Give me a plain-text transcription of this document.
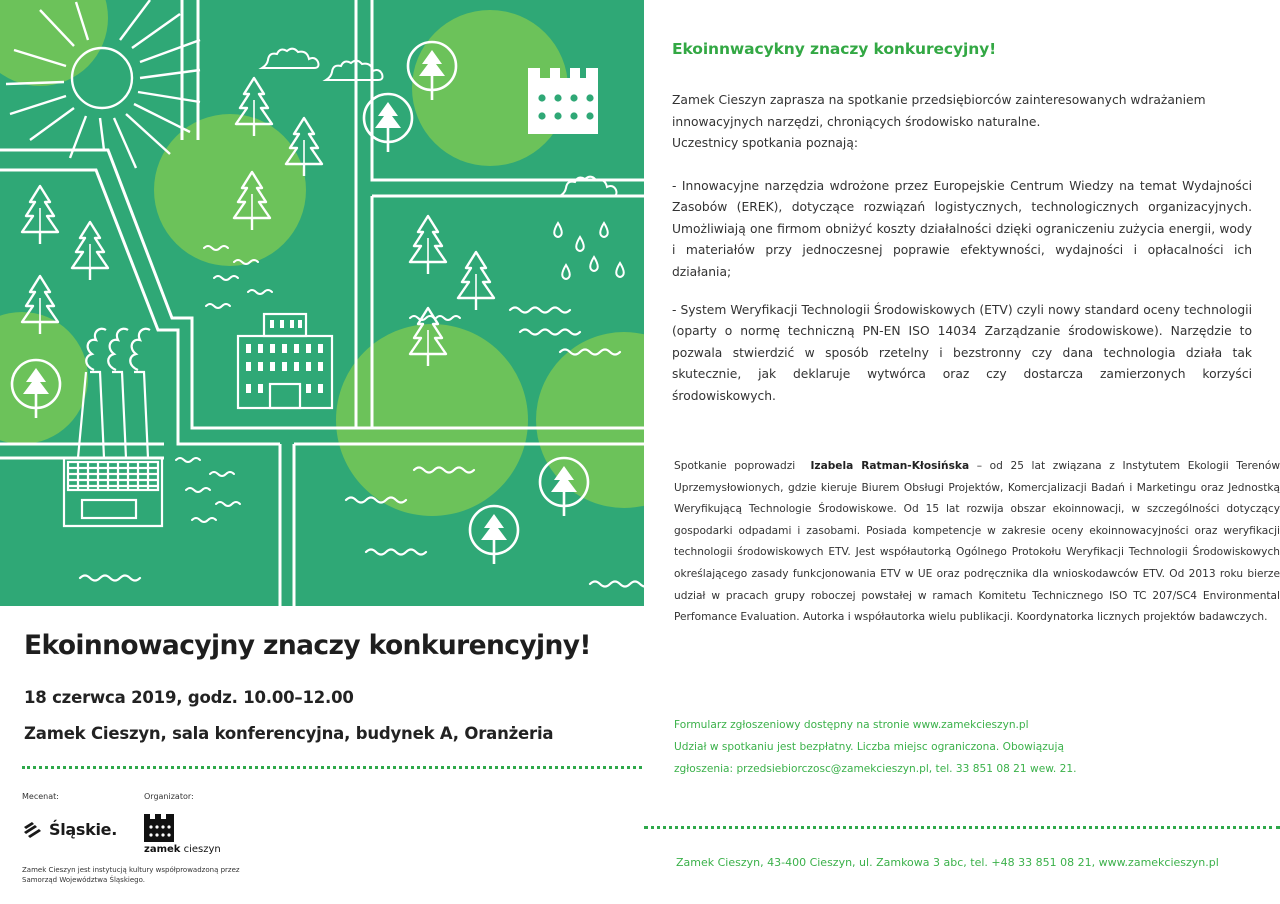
Ekoinnowacyjny znaczy konkurencyjny!
18 czerwca 2019, godz. 10.00–12.00
Zamek Cieszyn, sala konferencyjna, budynek A, Oranżeria
Mecenat:	Organizator:
Śląskie.
zamek cieszyn
Zamek Cieszyn jest instytucją kultury współprowadzoną przez Samorząd Województwa Śląskiego.
Ekoinnwacykny znaczy konkurecyjny!

Zamek Cieszyn zaprasza na spotkanie przedsiębiorców zainteresowanych wdrażaniem innowacyjnych narzędzi, chroniących środowisko naturalne.

Uczestnicy spotkania poznają:

- Innowacyjne narzędzia wdrożone przez Europejskie Centrum Wiedzy na temat Wydajności Zasobów (EREK), dotyczące rozwiązań logistycznych, technologicznych organizacyjnych. Umożliwiają one firmom obniżyć koszty działalności dzięki ograniczeniu zużycia energii, wody i materiałów przy jednoczesnej poprawie efektywności, wydajności i opłacalności ich działania;
- System Weryfikacji Technologii Środowiskowych (ETV) czyli nowy standard oceny technologii (oparty o normę techniczną PN-EN ISO 14034 Zarządzanie środowiskowe). Narzędzie to pozwala stwierdzić w sposób rzetelny i bezstronny czy dana technologia działa tak skutecznie, jak deklaruje wytwórca oraz czy dostarcza zamierzonych korzyści środowiskowych.
Spotkanie poprowadzi Izabela Ratman-Kłosińska – od 25 lat związana z Instytutem Ekologii Terenów Uprzemysłowionych, gdzie kieruje Biurem Obsługi Projektów, Komercjalizacji Badań i Marketingu oraz Jednostką Weryfikującą Technologie Środowiskowe. Od 15 lat rozwija obszar ekoinnowacji, w szczególności dotyczący gospodarki odpadami i zasobami. Posiada kompetencje w zakresie oceny ekoinnowacyjności oraz weryfikacji technologii środowiskowych ETV. Jest współautorką Ogólnego Protokołu Weryfikacji Technologii Środowiskowych określającego zasady funkcjonowania ETV w UE oraz podręcznika dla wnioskodawców ETV. Od 2013 roku bierze udział w pracach grupy roboczej powstałej w ramach Komitetu Technicznego ISO TC 207/SC4 Environmental Perfomance Evaluation. Autorka i współautorka wielu publikacji. Koordynatorka licznych projektów badawczych.
Formularz zgłoszeniowy dostępny na stronie www.zamekcieszyn.pl
Udział w spotkaniu jest bezpłatny. Liczba miejsc ograniczona. Obowiązują
zgłoszenia: przedsiebiorczosc@zamekcieszyn.pl, tel. 33 851 08 21 wew. 21.
Zamek Cieszyn, 43-400 Cieszyn, ul. Zamkowa 3 abc, tel. +48 33 851 08 21, www.zamekcieszyn.pl
